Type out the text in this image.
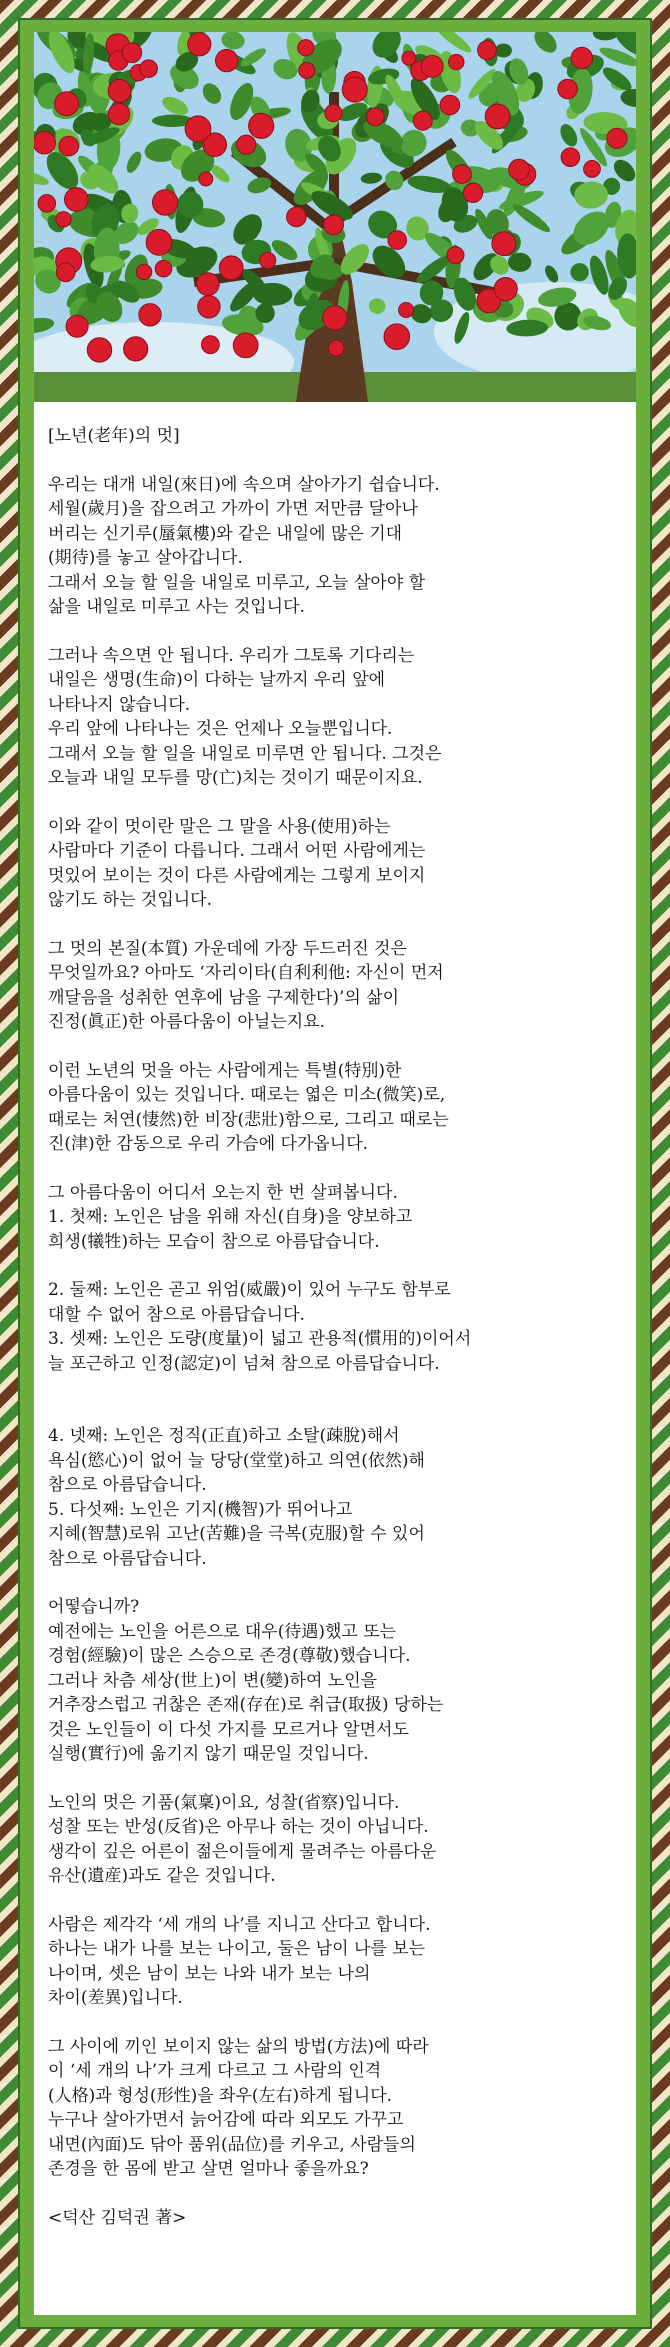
[노년(老年)의 멋]
우리는 대개 내일(來日)에 속으며 살아가기 쉽습니다.
세월(歲月)을 잡으려고 가까이 가면 저만큼 달아나
버리는 신기루(蜃氣樓)와 같은 내일에 많은 기대
(期待)를 놓고 살아갑니다.
그래서 오늘 할 일을 내일로 미루고, 오늘 살아야 할
삶을 내일로 미루고 사는 것입니다.
그러나 속으면 안 됩니다. 우리가 그토록 기다리는
내일은 생명(生命)이 다하는 날까지 우리 앞에
나타나지 않습니다.
우리 앞에 나타나는 것은 언제나 오늘뿐입니다.
그래서 오늘 할 일을 내일로 미루면 안 됩니다. 그것은
오늘과 내일 모두를 망(亡)치는 것이기 때문이지요.
이와 같이 멋이란 말은 그 말을 사용(使用)하는
사람마다 기준이 다릅니다. 그래서 어떤 사람에게는
멋있어 보이는 것이 다른 사람에게는 그렇게 보이지
않기도 하는 것입니다.
그 멋의 본질(本質) 가운데에 가장 두드러진 것은
무엇일까요? 아마도 ‘자리이타(自利利他: 자신이 먼저
깨달음을 성취한 연후에 남을 구제한다)’의 삶이
진정(眞正)한 아름다움이 아닐는지요.
이런 노년의 멋을 아는 사람에게는 특별(特別)한
아름다움이 있는 것입니다. 때로는 엷은 미소(微笑)로,
때로는 처연(悽然)한 비장(悲壯)함으로, 그리고 때로는
진(津)한 감동으로 우리 가슴에 다가옵니다.
그 아름다움이 어디서 오는지 한 번 살펴봅니다.
1. 첫째: 노인은 남을 위해 자신(自身)을 양보하고
희생(犧牲)하는 모습이 참으로 아름답습니다.
2. 둘째: 노인은 곧고 위엄(威嚴)이 있어 누구도 함부로
대할 수 없어 참으로 아름답습니다.
3. 셋째: 노인은 도량(度量)이 넓고 관용적(慣用的)이어서
늘 포근하고 인정(認定)이 넘쳐 참으로 아름답습니다.
4. 넷째: 노인은 정직(正直)하고 소탈(疎脫)해서
욕심(慾心)이 없어 늘 당당(堂堂)하고 의연(依然)해
참으로 아름답습니다.
5. 다섯째: 노인은 기지(機智)가 뛰어나고
지혜(智慧)로워 고난(苦難)을 극복(克服)할 수 있어
참으로 아름답습니다.
어떻습니까?
예전에는 노인을 어른으로 대우(待遇)했고 또는
경험(經驗)이 많은 스승으로 존경(尊敬)했습니다.
그러나 차츰 세상(世上)이 변(變)하여 노인을
거추장스럽고 귀찮은 존재(存在)로 취급(取扱) 당하는
것은 노인들이 이 다섯 가지를 모르거나 알면서도
실행(實行)에 옮기지 않기 때문일 것입니다.
노인의 멋은 기품(氣稟)이요, 성찰(省察)입니다.
성찰 또는 반성(反省)은 아무나 하는 것이 아닙니다.
생각이 깊은 어른이 젊은이들에게 물려주는 아름다운
유산(遺産)과도 같은 것입니다.
사람은 제각각 ‘세 개의 나’를 지니고 산다고 합니다.
하나는 내가 나를 보는 나이고, 둘은 남이 나를 보는
나이며, 셋은 남이 보는 나와 내가 보는 나의
차이(差異)입니다.
그 사이에 끼인 보이지 않는 삶의 방법(方法)에 따라
이 ‘세 개의 나’가 크게 다르고 그 사람의 인격
(人格)과 형성(形性)을 좌우(左右)하게 됩니다.
누구나 살아가면서 늙어감에 따라 외모도 가꾸고
내면(內面)도 닦아 품위(品位)를 키우고, 사람들의
존경을 한 몸에 받고 살면 얼마나 좋을까요?
<덕산 김덕권 著>
